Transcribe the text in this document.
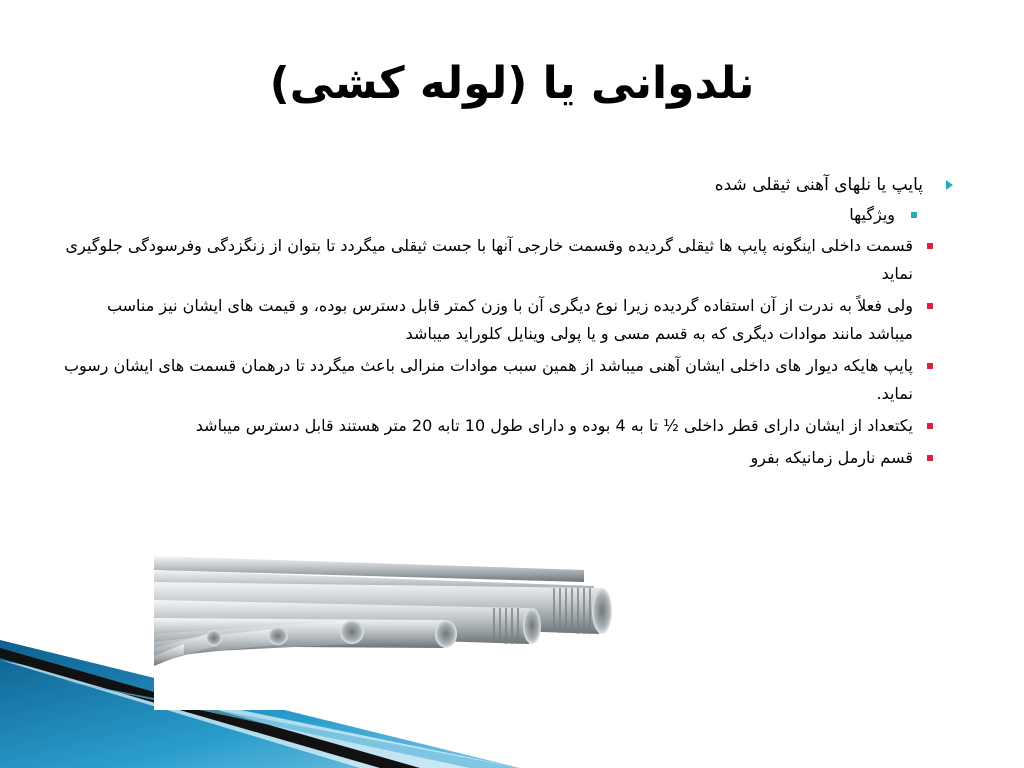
نلدوانی یا (لوله کشی)
پایپ یا نلهای آهنی ثیقلی شده
ویژگیها
قسمت داخلی اینگونه پایپ ها ثیقلی گردیده وقسمت خارجی آنها با جست ثیقلی میگردد تا بتوان از زنگزدگی وفرسودگی جلوگیری نماید
ولی فعلاً به ندرت از آن استفاده گردیده زیرا نوع دیگری آن با وزن کمتر قابل دسترس بوده، و قیمت های ایشان نیز مناسب میباشد مانند موادات دیگری که به قسم مسی و یا پولی وینایل کلوراید میباشد
پایپ هایکه دیوار های داخلی ایشان آهنی میباشد از همین سبب موادات منرالی باعث میگردد تا درهمان قسمت های ایشان رسوب نماید.
یکتعداد از ایشان دارای قطر داخلی ½ تا به 4 بوده و دارای طول 10 تابه 20 متر هستند قابل دسترس میباشد
قسم نارمل زمانیکه بفرو
